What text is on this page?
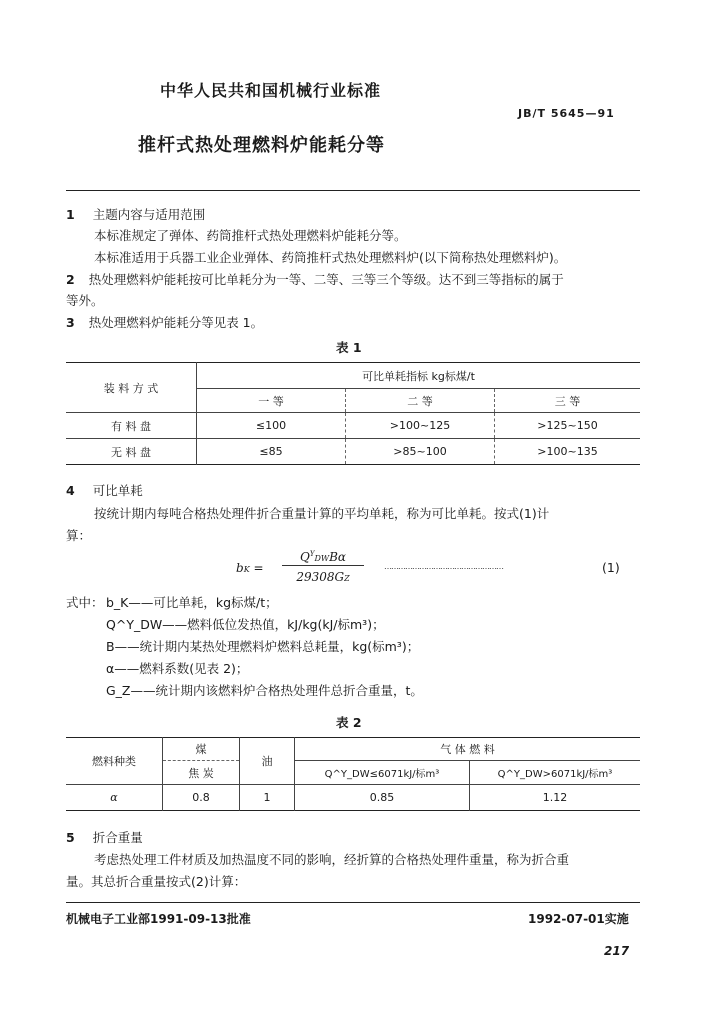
中华人民共和国机械行业标准
JB/T 5645—91
推杆式热处理燃料炉能耗分等
1 主题内容与适用范围
本标准规定了弹体、药筒推杆式热处理燃料炉能耗分等。
本标准适用于兵器工业企业弹体、药筒推杆式热处理燃料炉(以下简称热处理燃料炉)。
2 热处理燃料炉能耗按可比单耗分为一等、二等、三等三个等级。达不到三等指标的属于
等外。
3 热处理燃料炉能耗分等见表 1。
表 1
装 料 方 式	可比单耗指标 kg标煤/t		
	一 等	二 等	三 等
有 料 盘	≤100	>100~125	>125~150
无 料 盘	≤85	>85~100	>100~135
4 可比单耗
按统计期内每吨合格热处理件折合重量计算的平均单耗，称为可比单耗。按式(1)计
算：
bK =
$Q^YDWB\alpha$
29308GZ
……………………………………………	(1)
式中： b_K——可比单耗，kg标煤/t；
Q^Y_DW——燃料低位发热值，kJ/kg(kJ/标m³)；
B——统计期内某热处理燃料炉燃料总耗量，kg(标m³)；
α——燃料系数(见表 2)；
G_Z——统计期内该燃料炉合格热处理件总折合重量，t。
表 2
燃料种类	煤	油	气 体 燃 料	
	焦 炭		Q^Y_DW≤6071kJ/标m³	Q^Y_DW>6071kJ/标m³
α	0.8	1	0.85	1.12
5 折合重量
考虑热处理工件材质及加热温度不同的影响，经折算的合格热处理件重量，称为折合重
量。其总折合重量按式(2)计算：
机械电子工业部1991-09-13批准	1992-07-01实施
217
